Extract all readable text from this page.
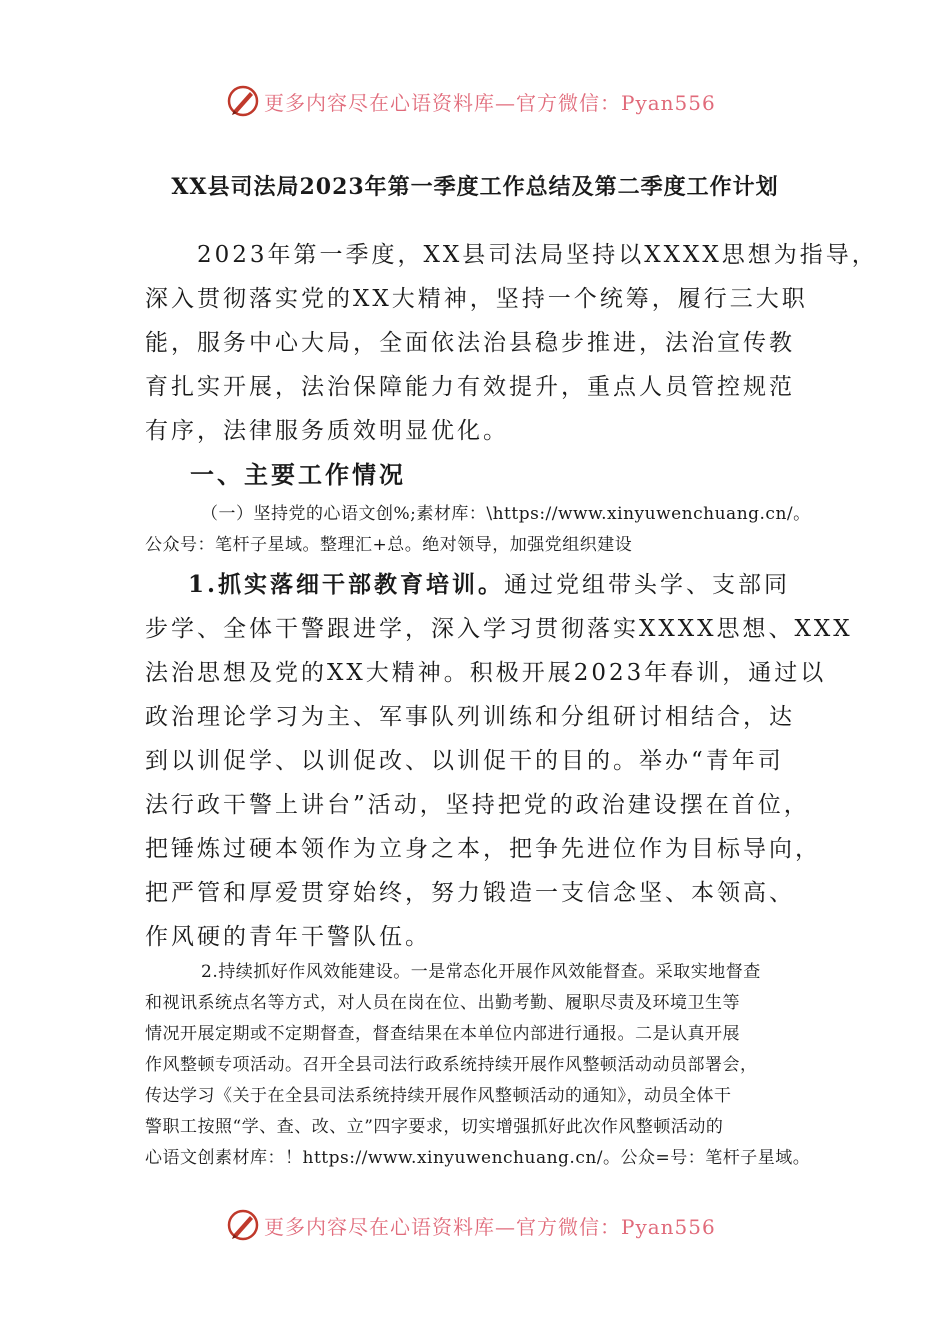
更多内容尽在心语资料库—官方微信：Pyan556
XX县司法局2023年第一季度工作总结及第二季度工作计划
2023年第一季度，XX县司法局坚持以XXXX思想为指导，
深入贯彻落实党的XX大精神，坚持一个统筹，履行三大职
能，服务中心大局，全面依法治县稳步推进，法治宣传教
育扎实开展，法治保障能力有效提升，重点人员管控规范
有序，法律服务质效明显优化。
一、主要工作情况
（一）坚持党的心语文创%;素材库：\https://www.xinyuwenchuang.cn/。
公众号：笔杆子星域。整理汇+总。绝对领导，加强党组织建设
1.抓实落细干部教育培训。通过党组带头学、支部同
步学、全体干警跟进学，深入学习贯彻落实XXXX思想、XXX
法治思想及党的XX大精神。积极开展2023年春训，通过以
政治理论学习为主、军事队列训练和分组研讨相结合，达
到以训促学、以训促改、以训促干的目的。举办“青年司
法行政干警上讲台”活动，坚持把党的政治建设摆在首位，
把锤炼过硬本领作为立身之本，把争先进位作为目标导向，
把严管和厚爱贯穿始终，努力锻造一支信念坚、本领高、
作风硬的青年干警队伍。
2.持续抓好作风效能建设。一是常态化开展作风效能督查。采取实地督查
和视讯系统点名等方式，对人员在岗在位、出勤考勤、履职尽责及环境卫生等
情况开展定期或不定期督查，督查结果在本单位内部进行通报。二是认真开展
作风整顿专项活动。召开全县司法行政系统持续开展作风整顿活动动员部署会，
传达学习《关于在全县司法系统持续开展作风整顿活动的通知》，动员全体干
警职工按照“学、查、改、立”四字要求，切实增强抓好此次作风整顿活动的
心语文创素材库：！https://www.xinyuwenchuang.cn/。公众=号：笔杆子星域。
更多内容尽在心语资料库—官方微信：Pyan556
